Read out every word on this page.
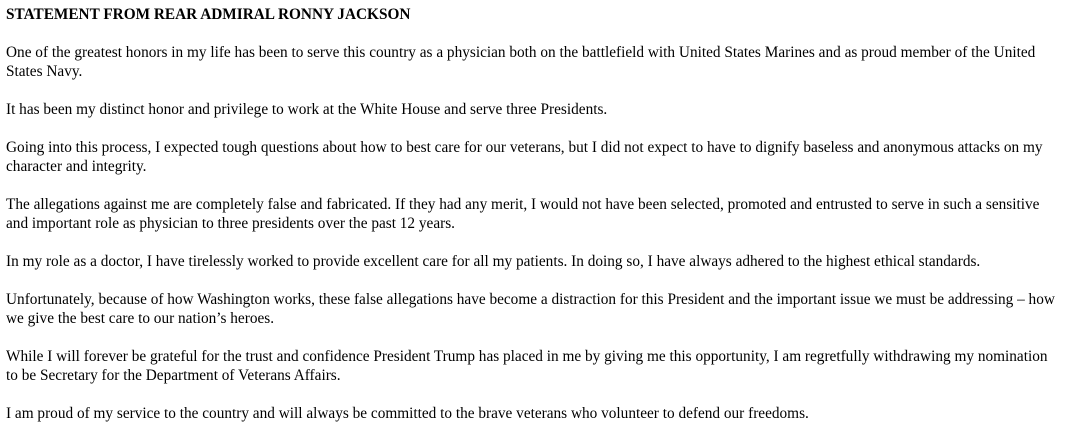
STATEMENT FROM REAR ADMIRAL RONNY JACKSON

One of the greatest honors in my life has been to serve this country as a physician both on the battlefield with United States Marines and as proud member of the United States Navy.

It has been my distinct honor and privilege to work at the White House and serve three Presidents.

Going into this process, I expected tough questions about how to best care for our veterans, but I did not expect to have to dignify baseless and anonymous attacks on my character and integrity.

The allegations against me are completely false and fabricated. If they had any merit, I would not have been selected, promoted and entrusted to serve in such a sensitive and important role as physician to three presidents over the past 12 years.

In my role as a doctor, I have tirelessly worked to provide excellent care for all my patients. In doing so, I have always adhered to the highest ethical standards.

Unfortunately, because of how Washington works, these false allegations have become a distraction for this President and the important issue we must be addressing – how we give the best care to our nation’s heroes.

While I will forever be grateful for the trust and confidence President Trump has placed in me by giving me this opportunity, I am regretfully withdrawing my nomination to be Secretary for the Department of Veterans Affairs.

I am proud of my service to the country and will always be committed to the brave veterans who volunteer to defend our freedoms.
